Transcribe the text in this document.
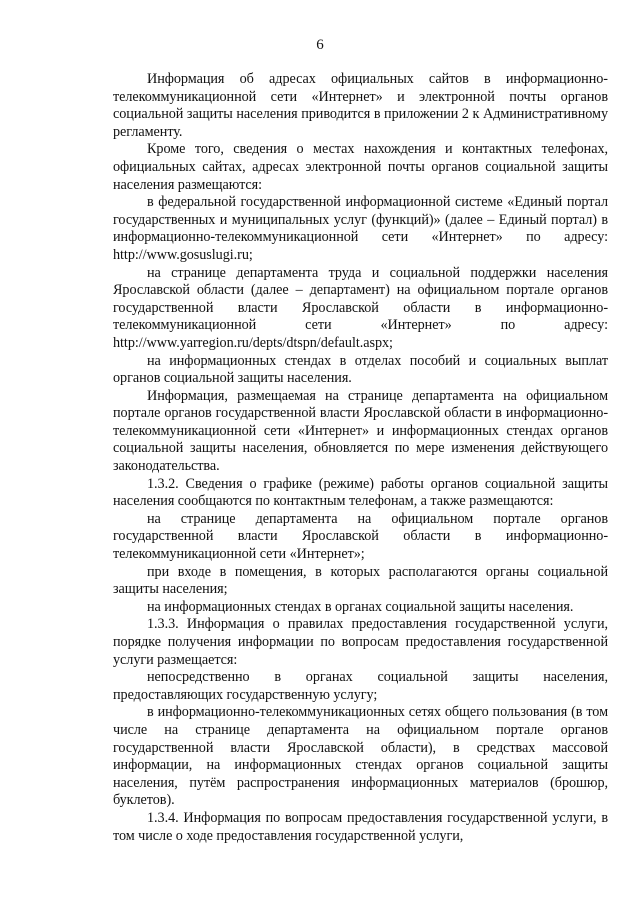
6

Информация об адресах официальных сайтов в информационно-телекоммуникационной сети «Интернет» и электронной почты органов социальной защиты населения приводится в приложении 2 к Административному регламенту.

Кроме того, сведения о местах нахождения и контактных телефонах, официальных сайтах, адресах электронной почты органов социальной защиты населения размещаются:

в федеральной государственной информационной системе «Единый портал государственных и муниципальных услуг (функций)» (далее – Единый портал) в информационно-телекоммуникационной сети «Интернет» по адресу: http://www.gosuslugi.ru;

на странице департамента труда и социальной поддержки населения Ярославской области (далее – департамент) на официальном портале органов государственной власти Ярославской области в информационно-телекоммуникационной сети «Интернет» по адресу: http://www.yarregion.ru/depts/dtspn/default.aspx;

на информационных стендах в отделах пособий и социальных выплат органов социальной защиты населения.

Информация, размещаемая на странице департамента на официальном портале органов государственной власти Ярославской области в информационно-телекоммуникационной сети «Интернет» и информационных стендах органов социальной защиты населения, обновляется по мере изменения действующего законодательства.

1.3.2. Сведения о графике (режиме) работы органов социальной защиты населения сообщаются по контактным телефонам, а также размещаются:

на странице департамента на официальном портале органов государственной власти Ярославской области в информационно-телекоммуникационной сети «Интернет»;

при входе в помещения, в которых располагаются органы социальной защиты населения;

на информационных стендах в органах социальной защиты населения.

1.3.3. Информация о правилах предоставления государственной услуги, порядке получения информации по вопросам предоставления государственной услуги размещается:

непосредственно в органах социальной защиты населения, предоставляющих государственную услугу;

в информационно-телекоммуникационных сетях общего пользования (в том числе на странице департамента на официальном портале органов государственной власти Ярославской области), в средствах массовой информации, на информационных стендах органов социальной защиты населения, путём распространения информационных материалов (брошюр, буклетов).

1.3.4. Информация по вопросам предоставления государственной услуги, в том числе о ходе предоставления государственной услуги,
